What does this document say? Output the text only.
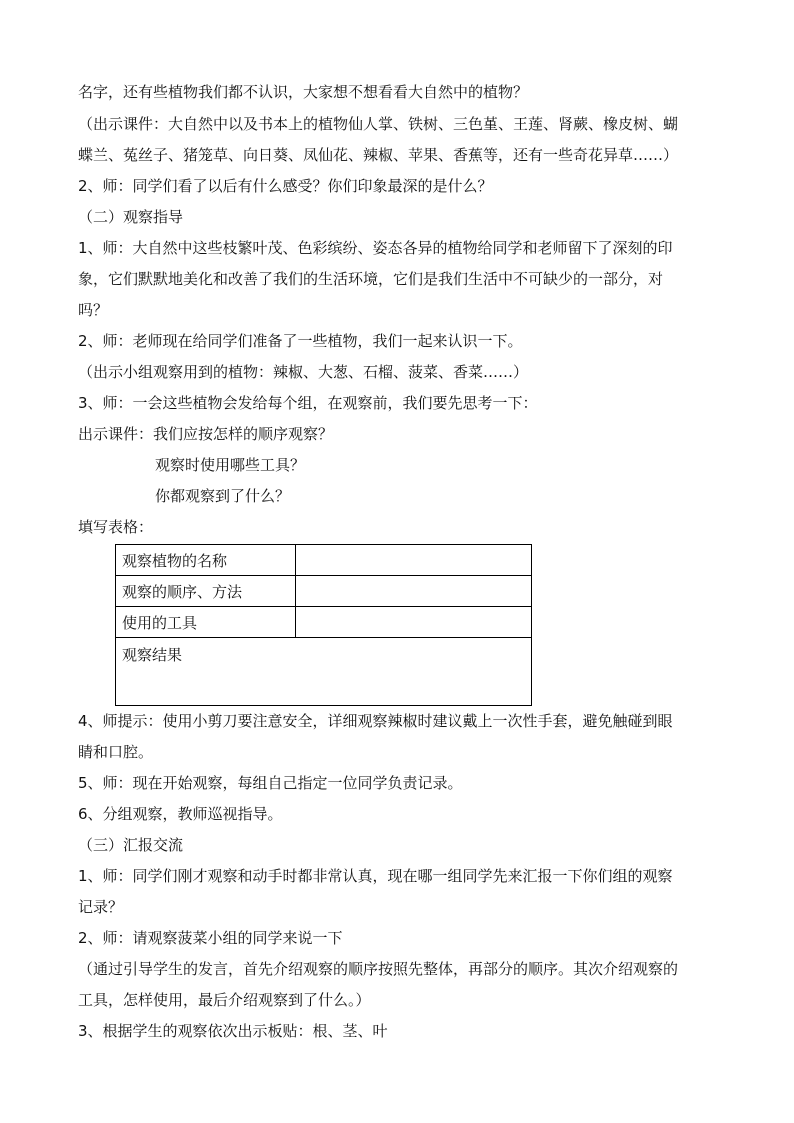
名字，还有些植物我们都不认识，大家想不想看看大自然中的植物？
（出示课件：大自然中以及书本上的植物仙人掌、铁树、三色堇、王莲、肾蕨、橡皮树、蝴
蝶兰、菟丝子、猪笼草、向日葵、凤仙花、辣椒、苹果、香蕉等，还有一些奇花异草……）
2、师：同学们看了以后有什么感受？你们印象最深的是什么？
（二）观察指导
1、师：大自然中这些枝繁叶茂、色彩缤纷、姿态各异的植物给同学和老师留下了深刻的印
象，它们默默地美化和改善了我们的生活环境，它们是我们生活中不可缺少的一部分，对
吗？
2、师：老师现在给同学们准备了一些植物，我们一起来认识一下。
（出示小组观察用到的植物：辣椒、大葱、石榴、菠菜、香菜……）
3、师：一会这些植物会发给每个组，在观察前，我们要先思考一下：
出示课件：我们应按怎样的顺序观察？
观察时使用哪些工具？
你都观察到了什么？
填写表格：
观察植物的名称	
观察的顺序、方法	
使用的工具	
观察结果	
4、师提示：使用小剪刀要注意安全，详细观察辣椒时建议戴上一次性手套，避免触碰到眼
睛和口腔。
5、师：现在开始观察，每组自己指定一位同学负责记录。
6、分组观察，教师巡视指导。
（三）汇报交流
1、师：同学们刚才观察和动手时都非常认真，现在哪一组同学先来汇报一下你们组的观察
记录？
2、师：请观察菠菜小组的同学来说一下
（通过引导学生的发言，首先介绍观察的顺序按照先整体，再部分的顺序。其次介绍观察的
工具，怎样使用，最后介绍观察到了什么。）
3、根据学生的观察依次出示板贴：根、茎、叶
